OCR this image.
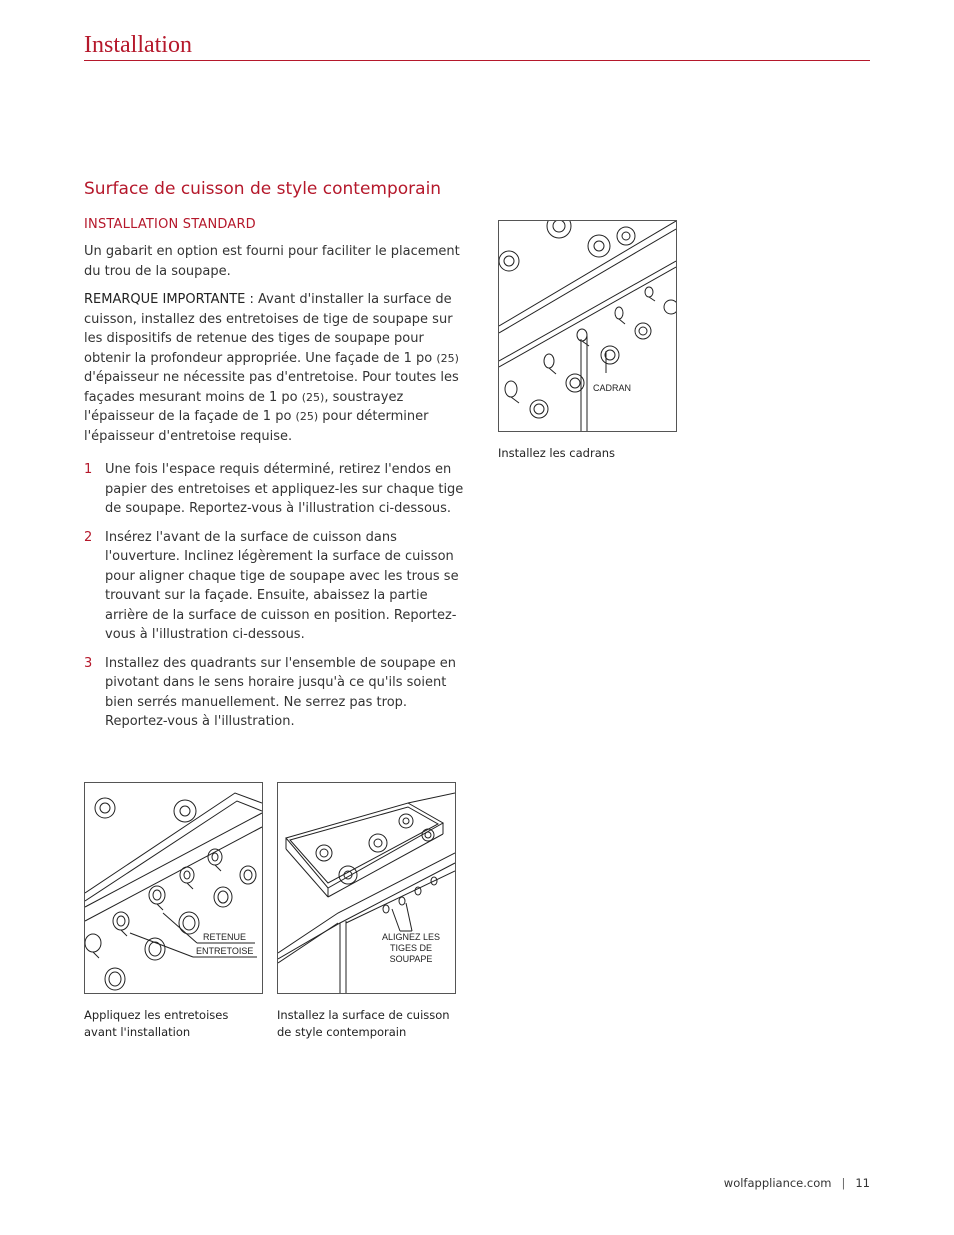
Installation
Surface de cuisson de style contemporain
INSTALLATION STANDARD

Un gabarit en option est fourni pour faciliter le placement du trou de la soupape.

REMARQUE IMPORTANTE : Avant d'installer la surface de cuisson, installez des entretoises de tige de soupape sur les dispositifs de retenue des tiges de soupape pour obtenir la profondeur appropriée. Une façade de 1 po (25) d'épaisseur ne nécessite pas d'entretoise. Pour toutes les façades mesurant moins de 1 po (25), soustrayez l'épaisseur de la façade de 1 po (25) pour déterminer l'épaisseur d'entretoise requise.

1 Une fois l'espace requis déterminé, retirez l'endos en papier des entretoises et appliquez-les sur chaque tige de soupape. Reportez-vous à l'illustration ci-dessous.
2 Insérez l'avant de la surface de cuisson dans l'ouverture. Inclinez légèrement la surface de cuisson pour aligner chaque tige de soupape avec les trous se trouvant sur la façade. Ensuite, abaissez la partie arrière de la surface de cuisson en position. Reportez-vous à l'illustration ci-dessous.
3 Installez des quadrants sur l'ensemble de soupape en pivotant dans le sens horaire jusqu'à ce qu'ils soient bien serrés manuellement. Ne serrez pas trop. Reportez-vous à l'illustration.
CADRAN
Installez les cadrans
RETENUE
ENTRETOISE
Appliquez les entretoises avant l'installation
ALIGNEZ LES TIGES DE SOUPAPE
Installez la surface de cuisson de style contemporain
wolfappliance.com | 11
